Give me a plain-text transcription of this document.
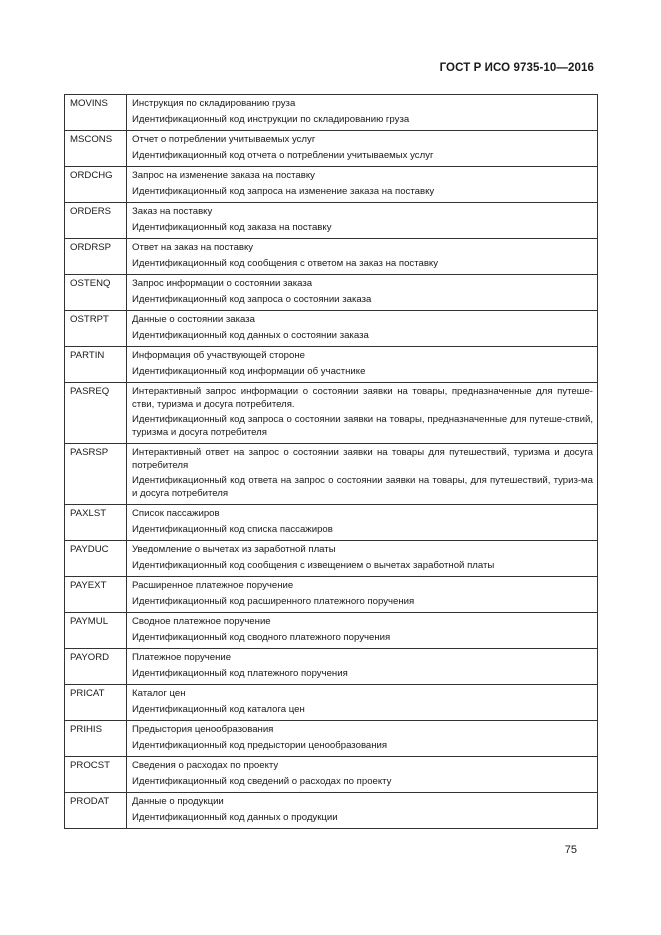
ГОСТ Р ИСО 9735-10—2016
MOVINS	Инструкция по складированию груза

Идентификационный код инструкции по складированию груза

MSCONS	Отчет о потреблении учитываемых услуг

Идентификационный код отчета о потреблении учитываемых услуг

ORDCHG	Запрос на изменение заказа на поставку

Идентификационный код запроса на изменение заказа на поставку

ORDERS	Заказ на поставку

Идентификационный код заказа на поставку

ORDRSP	Ответ на заказ на поставку

Идентификационный код сообщения с ответом на заказ на поставку

OSTENQ	Запрос информации о состоянии заказа

Идентификационный код запроса о состоянии заказа

OSTRPT	Данные о состоянии заказа

Идентификационный код данных о состоянии заказа

PARTIN	Информация об участвующей стороне

Идентификационный код информации об участнике

PASREQ	Интерактивный запрос информации о состоянии заявки на товары, предназначенные для путеше-стви, туризма и досуга потребителя.

Идентификационный код запроса о состоянии заявки на товары, предназначенные для путеше-ствий, туризма и досуга потребителя

PASRSP	Интерактивный ответ на запрос о состоянии заявки на товары для путешествий, туризма и досуга потребителя

Идентификационный код ответа на запрос о состоянии заявки на товары, для путешествий, туриз-ма и досуга потребителя

PAXLST	Список пассажиров

Идентификационный код списка пассажиров

PAYDUC	Уведомление о вычетах из заработной платы

Идентификационный код сообщения с извещением о вычетах заработной платы

PAYEXT	Расширенное платежное поручение

Идентификационный код расширенного платежного поручения

PAYMUL	Сводное платежное поручение

Идентификационный код сводного платежного поручения

PAYORD	Платежное поручение

Идентификационный код платежного поручения

PRICAT	Каталог цен

Идентификационный код каталога цен

PRIHIS	Предыстория ценообразования

Идентификационный код предыстории ценообразования

PROCST	Сведения о расходах по проекту

Идентификационный код сведений о расходах по проекту

PRODAT	Данные о продукции

Идентификационный код данных о продукции

75
